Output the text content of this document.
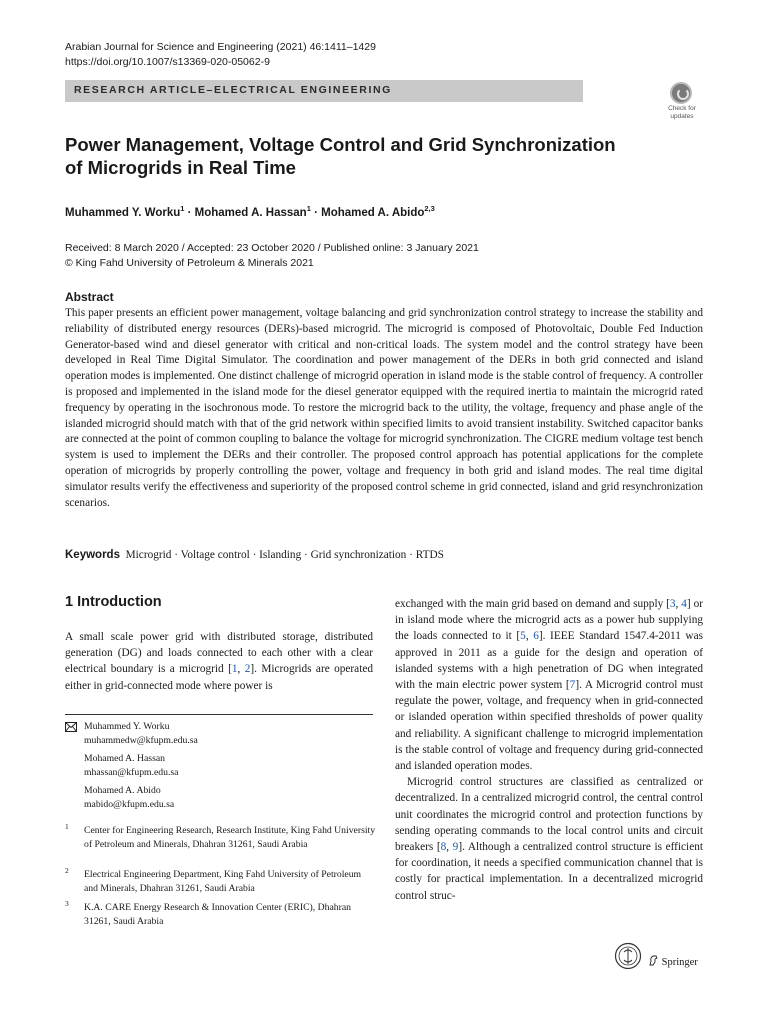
Arabian Journal for Science and Engineering (2021) 46:1411–1429
https://doi.org/10.1007/s13369-020-05062-9
RESEARCH ARTICLE–ELECTRICAL ENGINEERING
Check for
updates
Power Management, Voltage Control and Grid Synchronization
of Microgrids in Real Time
Muhammed Y. Worku$^1$ · Mohamed A. Hassan$^1$ · Mohamed A. Abido$^{2,3}$
Received: 8 March 2020 / Accepted: 23 October 2020 / Published online: 3 January 2021
© King Fahd University of Petroleum & Minerals 2021
Abstract

This paper presents an efficient power management, voltage balancing and grid synchronization control strategy to increase the stability and reliability of distributed energy resources (DERs)-based microgrid. The microgrid is composed of Photovoltaic, Double Fed Induction Generator-based wind and diesel generator with critical and non-critical loads. The system model and the control strategy have been developed in Real Time Digital Simulator. The coordination and power management of the DERs in both grid connected and island operation modes is implemented. One distinct challenge of microgrid operation in island mode is the stable control of frequency. A controller is proposed and implemented in the island mode for the diesel generator equipped with the required inertia to maintain the microgrid rated frequency by operating in the isochronous mode. To restore the microgrid back to the utility, the voltage, frequency and phase angle of the islanded microgrid should match with that of the grid network within specified limits to avoid transient instability. Switched capacitor banks are connected at the point of common coupling to balance the voltage for microgrid synchronization. The CIGRE medium voltage test bench system is used to implement the DERs and their controller. The proposed control approach has potential applications for the complete operation of microgrids by properly controlling the power, voltage and frequency in both grid and island modes. The real time digital simulator results verify the effectiveness and superiority of the proposed control scheme in grid connected, island and grid resynchronization scenarios.

Keywords Microgrid · Voltage control · Islanding · Grid synchronization · RTDS
1 Introduction

A small scale power grid with distributed storage, distributed generation (DG) and loads connected to each other with a clear electrical boundary is a microgrid [1, 2]. Microgrids are operated either in grid-connected mode where power is

Muhammed Y. Worku
muhammedw@kfupm.edu.sa
Mohamed A. Hassan
mhassan@kfupm.edu.sa
Mohamed A. Abido
mabido@kfupm.edu.sa
1 Center for Engineering Research, Research Institute, King Fahd University of Petroleum and Minerals, Dhahran 31261, Saudi Arabia
2 Electrical Engineering Department, King Fahd University of Petroleum and Minerals, Dhahran 31261, Saudi Arabia
3 K.A. CARE Energy Research & Innovation Center (ERIC), Dhahran 31261, Saudi Arabia

exchanged with the main grid based on demand and supply [3, 4] or in island mode where the microgrid acts as a power hub supplying the loads connected to it [5, 6]. IEEE Standard 1547.4-2011 was approved in 2011 as a guide for the design and operation of islanded systems with a high penetration of DG when integrated with the main electric power system [7]. A Microgrid control must regulate the power, voltage, and frequency when in grid-connected or islanded operation within specified thresholds of power quality and reliability. A significant challenge to microgrid implementation is the stable control of voltage and frequency during grid-connected and islanded operation modes.

Microgrid control structures are classified as centralized or decentralized. In a centralized microgrid control, the central control unit coordinates the microgrid control and protection functions by sending operating commands to the local control units and circuit breakers [8, 9]. Although a centralized control structure is efficient for coordination, it needs a specified communication channel that is costly for practical implementation. In a decentralized microgrid control struc-

Springer
